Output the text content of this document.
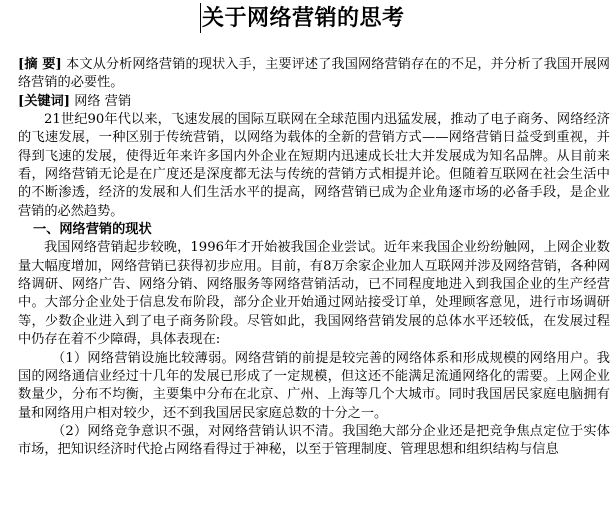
关于网络营销的思考

[摘 要] 本文从分析网络营销的现状入手，主要评述了我国网络营销存在的不足，并分析了我国开展网络营销的必要性。

[关键词] 网络 营销

21世纪90年代以来，飞速发展的国际互联网在全球范围内迅猛发展，推动了电子商务、网络经济的飞速发展，一种区别于传统营销，以网络为载体的全新的营销方式——网络营销日益受到重视，并得到飞速的发展，使得近年来许多国内外企业在短期内迅速成长壮大并发展成为知名品牌。从目前来看，网络营销无论是在广度还是深度都无法与传统的营销方式相提并论。但随着互联网在社会生活中的不断渗透，经济的发展和人们生活水平的提高，网络营销已成为企业角逐市场的必备手段，是企业营销的必然趋势。

一、网络营销的现状

我国网络营销起步较晚，1996年才开始被我国企业尝试。近年来我国企业纷纷触网，上网企业数量大幅度增加，网络营销已获得初步应用。目前，有8万余家企业加人互联网并涉及网络营销，各种网络调研、网络广告、网络分销、网络服务等网络营销活动，已不同程度地进入到我国企业的生产经营中。大部分企业处于信息发布阶段，部分企业开始通过网站接受订单，处理顾客意见，进行市场调研等，少数企业进入到了电子商务阶段。尽管如此，我国网络营销发展的总体水平还较低，在发展过程中仍存在着不少障碍，具体表现在:

（1）网络营销设施比较薄弱。网络营销的前提是较完善的网络体系和形成规模的网络用户。我国的网络通信业经过十几年的发展已形成了一定规模，但这还不能满足流通网络化的需要。上网企业数量少，分布不均衡，主要集中分布在北京、广州、上海等几个大城市。同时我国居民家庭电脑拥有量和网络用户相对较少，还不到我国居民家庭总数的十分之一。

（2）网络竞争意识不强，对网络营销认识不清。我国绝大部分企业还是把竞争焦点定位于实体市场，把知识经济时代抢占网络看得过于神秘，以至于管理制度、管理思想和组织结构与信息
